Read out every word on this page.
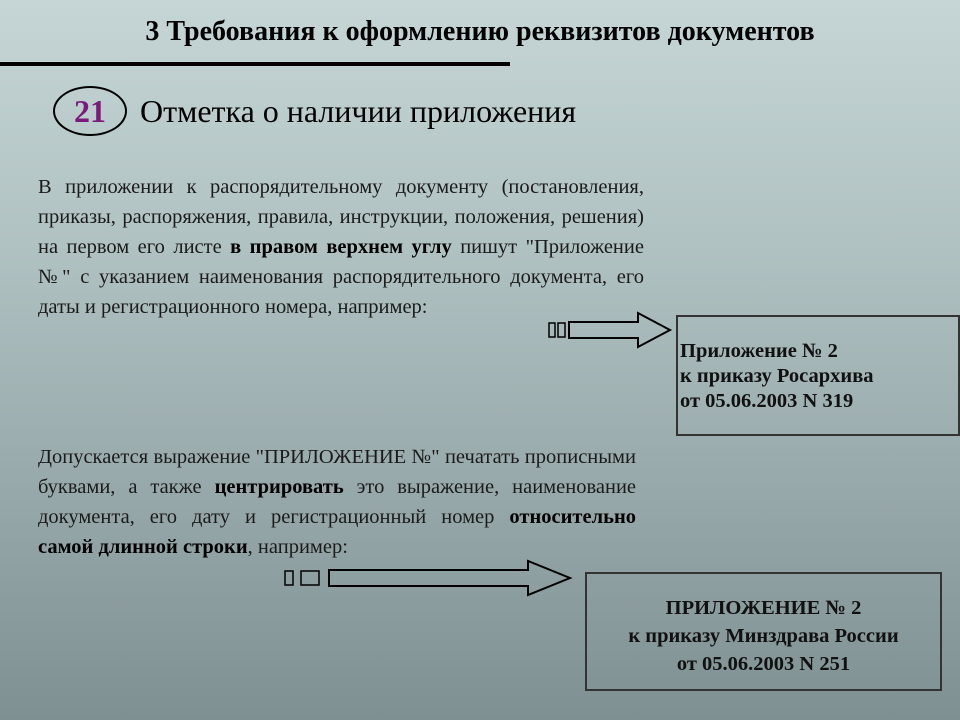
3 Требования к оформлению реквизитов документов
21	Отметка о наличии приложения
В приложении к распорядительному документу (постановления, приказы, распоряжения, правила, инструкции, положения, решения) на первом его листе в правом верхнем углу пишут "Приложение №" с указанием наименования распорядительного документа, его даты и регистрационного номера, например:
Приложение № 2
к приказу Росархива
от 05.06.2003 N 319
Допускается выражение "ПРИЛОЖЕНИЕ №" печатать прописными буквами, а также центрировать это выражение, наименование документа, его дату и регистрационный номер относительно самой длинной строки, например:
ПРИЛОЖЕНИЕ № 2
к приказу Минздрава России
от 05.06.2003 N 251
